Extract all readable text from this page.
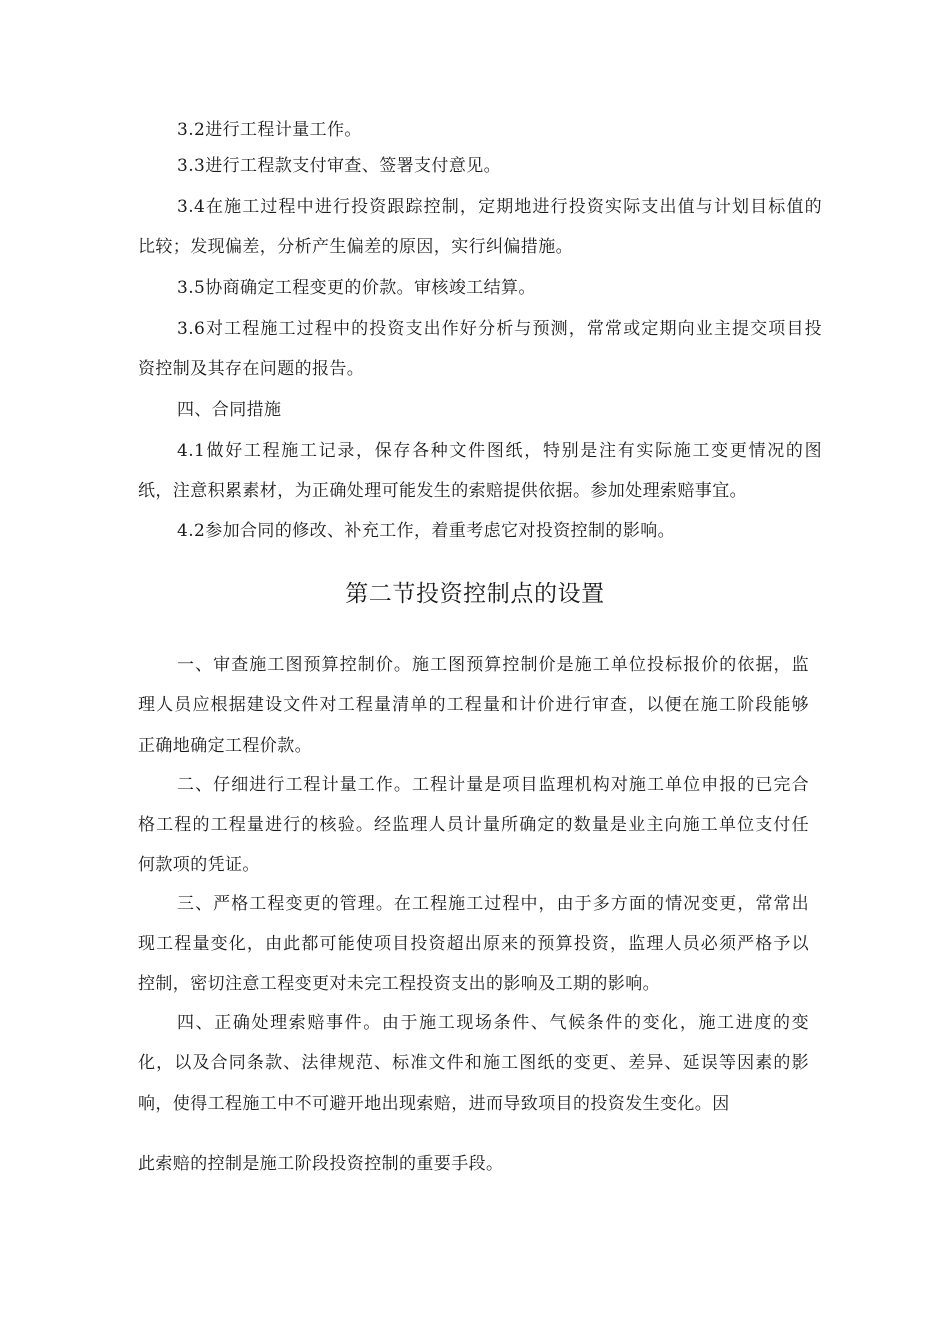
3.2进行工程计量工作。
3.3进行工程款支付审查、签署支付意见。
3.4在施工过程中进行投资跟踪控制，定期地进行投资实际支出值与计划目标值的
比较；发现偏差，分析产生偏差的原因，实行纠偏措施。
3.5协商确定工程变更的价款。审核竣工结算。
3.6对工程施工过程中的投资支出作好分析与预测，常常或定期向业主提交项目投
资控制及其存在问题的报告。
四、合同措施
4.1做好工程施工记录，保存各种文件图纸，特别是注有实际施工变更情况的图
纸，注意积累素材，为正确处理可能发生的索赔提供依据。参加处理索赔事宜。
4.2参加合同的修改、补充工作，着重考虑它对投资控制的影响。
第二节投资控制点的设置
一、审查施工图预算控制价。施工图预算控制价是施工单位投标报价的依据，监
理人员应根据建设文件对工程量清单的工程量和计价进行审查，以便在施工阶段能够
正确地确定工程价款。
二、仔细进行工程计量工作。工程计量是项目监理机构对施工单位申报的已完合
格工程的工程量进行的核验。经监理人员计量所确定的数量是业主向施工单位支付任
何款项的凭证。
三、严格工程变更的管理。在工程施工过程中，由于多方面的情况变更，常常出
现工程量变化，由此都可能使项目投资超出原来的预算投资，监理人员必须严格予以
控制，密切注意工程变更对未完工程投资支出的影响及工期的影响。
四、正确处理索赔事件。由于施工现场条件、气候条件的变化，施工进度的变
化，以及合同条款、法律规范、标准文件和施工图纸的变更、差异、延误等因素的影
响，使得工程施工中不可避开地出现索赔，进而导致项目的投资发生变化。因
此索赔的控制是施工阶段投资控制的重要手段。
